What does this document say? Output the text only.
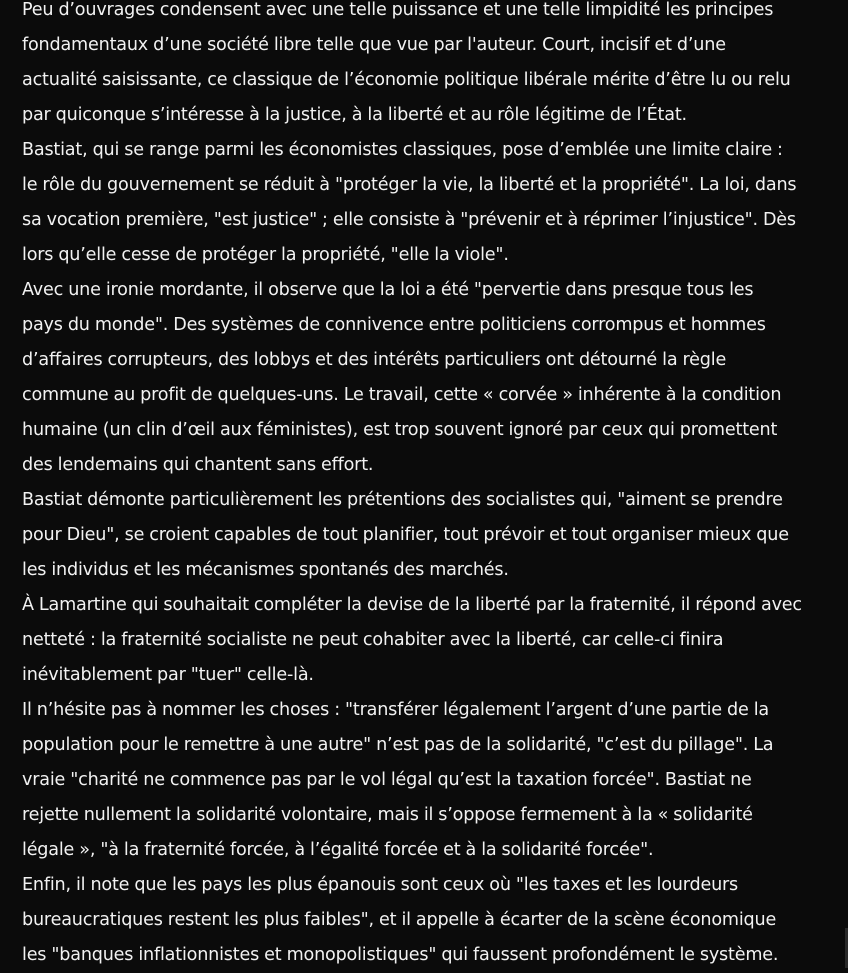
Peu d’ouvrages condensent avec une telle puissance et une telle limpidité les principes

fondamentaux d’une société libre telle que vue par l'auteur. Court, incisif et d’une

actualité saisissante, ce classique de l’économie politique libérale mérite d’être lu ou relu

par quiconque s’intéresse à la justice, à la liberté et au rôle légitime de l’État.

Bastiat, qui se range parmi les économistes classiques, pose d’emblée une limite claire :

le rôle du gouvernement se réduit à "protéger la vie, la liberté et la propriété". La loi, dans

sa vocation première, "est justice" ; elle consiste à "prévenir et à réprimer l’injustice". Dès

lors qu’elle cesse de protéger la propriété, "elle la viole".

Avec une ironie mordante, il observe que la loi a été "pervertie dans presque tous les

pays du monde". Des systèmes de connivence entre politiciens corrompus et hommes

d’affaires corrupteurs, des lobbys et des intérêts particuliers ont détourné la règle

commune au profit de quelques-uns. Le travail, cette « corvée » inhérente à la condition

humaine (un clin d’œil aux féministes), est trop souvent ignoré par ceux qui promettent

des lendemains qui chantent sans effort.

Bastiat démonte particulièrement les prétentions des socialistes qui, "aiment se prendre

pour Dieu", se croient capables de tout planifier, tout prévoir et tout organiser mieux que

les individus et les mécanismes spontanés des marchés.

À Lamartine qui souhaitait compléter la devise de la liberté par la fraternité, il répond avec

netteté : la fraternité socialiste ne peut cohabiter avec la liberté, car celle-ci finira

inévitablement par "tuer" celle-là.

Il n’hésite pas à nommer les choses : "transférer légalement l’argent d’une partie de la

population pour le remettre à une autre" n’est pas de la solidarité, "c’est du pillage". La

vraie "charité ne commence pas par le vol légal qu’est la taxation forcée". Bastiat ne

rejette nullement la solidarité volontaire, mais il s’oppose fermement à la « solidarité

légale », "à la fraternité forcée, à l’égalité forcée et à la solidarité forcée".

Enfin, il note que les pays les plus épanouis sont ceux où "les taxes et les lourdeurs

bureaucratiques restent les plus faibles", et il appelle à écarter de la scène économique

les "banques inflationnistes et monopolistiques" qui faussent profondément le système.
